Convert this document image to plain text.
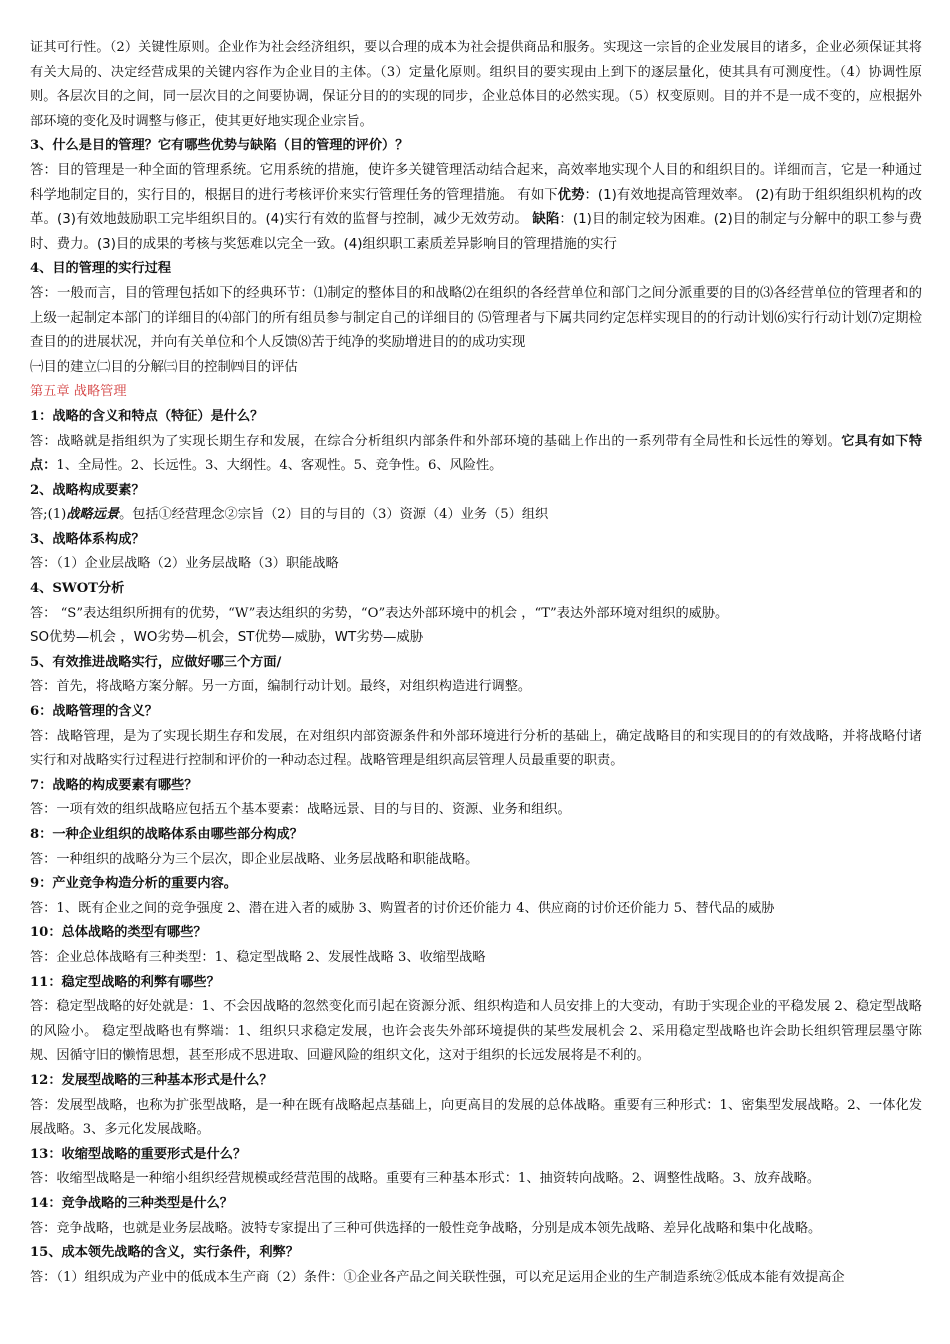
证其可行性。（2）关键性原则。企业作为社会经济组织，要以合理的成本为社会提供商品和服务。实现这一宗旨的企业发展目的诸多，企业必须保证其将有关大局的、决定经营成果的关键内容作为企业目的主体。（3）定量化原则。组织目的要实现由上到下的逐层量化，使其具有可测度性。（4）协调性原则。各层次目的之间，同一层次目的之间要协调，保证分目的的实现的同步，企业总体目的必然实现。（5）权变原则。目的并不是一成不变的，应根据外部环境的变化及时调整与修正，使其更好地实现企业宗旨。

3、什么是目的管理？它有哪些优势与缺陷（目的管理的评价）？

答：目的管理是一种全面的管理系统。它用系统的措施，使许多关键管理活动结合起来，高效率地实现个人目的和组织目的。详细而言，它是一种通过科学地制定目的，实行目的，根据目的进行考核评价来实行管理任务的管理措施。 有如下优势：(1)有效地提高管理效率。 (2)有助于组织组织机构的改革。(3)有效地鼓励职工完毕组织目的。(4)实行有效的监督与控制，减少无效劳动。 缺陷：(1)目的制定较为困难。(2)目的制定与分解中的职工参与费时、费力。(3)目的成果的考核与奖惩难以完全一致。(4)组织职工素质差异影响目的管理措施的实行

4、目的管理的实行过程

答：一般而言，目的管理包括如下的经典环节：⑴制定的整体目的和战略⑵在组织的各经营单位和部门之间分派重要的目的⑶各经营单位的管理者和的上级一起制定本部门的详细目的⑷部门的所有组员参与制定自己的详细目的 ⑸管理者与下属共同约定怎样实现目的的行动计划⑹实行行动计划⑺定期检查目的的进展状况，并向有关单位和个人反馈⑻苦于纯净的奖励增进目的的成功实现

㈠目的建立㈡目的分解㈢目的控制㈣目的评估

第五章 战略管理

1：战略的含义和特点（特征）是什么？

答：战略就是指组织为了实现长期生存和发展，在综合分析组织内部条件和外部环境的基础上作出的一系列带有全局性和长远性的筹划。它具有如下特点：1、全局性。2、长远性。3、大纲性。4、客观性。5、竞争性。6、风险性。

2、战略构成要素？

答;(1)战略远景。包括①经营理念②宗旨（2）目的与目的（3）资源（4）业务（5）组织

3、战略体系构成？

答：（1）企业层战略（2）业务层战略（3）职能战略

4、SWOT分析

答： “S”表达组织所拥有的优势，“W”表达组织的劣势，“O”表达外部环境中的机会 ，“T”表达外部环境对组织的威胁。

SO优势—机会 ，WO劣势—机会，ST优势—威胁，WT劣势—威胁

5、有效推进战略实行，应做好哪三个方面/

答：首先，将战略方案分解。另一方面，编制行动计划。最终，对组织构造进行调整。

6：战略管理的含义？

答：战略管理，是为了实现长期生存和发展，在对组织内部资源条件和外部环境进行分析的基础上，确定战略目的和实现目的的有效战略，并将战略付诸实行和对战略实行过程进行控制和评价的一种动态过程。战略管理是组织高层管理人员最重要的职责。

7：战略的构成要素有哪些？

答：一项有效的组织战略应包括五个基本要素：战略远景、目的与目的、资源、业务和组织。

8：一种企业组织的战略体系由哪些部分构成？

答：一种组织的战略分为三个层次，即企业层战略、业务层战略和职能战略。

9：产业竞争构造分析的重要内容。

答：1、既有企业之间的竞争强度 2、潜在进入者的威胁 3、购置者的讨价还价能力 4、供应商的讨价还价能力 5、替代品的威胁

10：总体战略的类型有哪些？

答：企业总体战略有三种类型：1、稳定型战略 2、发展性战略 3、收缩型战略

11：稳定型战略的利弊有哪些？

答：稳定型战略的好处就是：1、不会因战略的忽然变化而引起在资源分派、组织构造和人员安排上的大变动，有助于实现企业的平稳发展 2、稳定型战略的风险小。 稳定型战略也有弊端：1、组织只求稳定发展，也许会丧失外部环境提供的某些发展机会 2、采用稳定型战略也许会助长组织管理层墨守陈规、因循守旧的懒惰思想，甚至形成不思进取、回避风险的组织文化，这对于组织的长远发展将是不利的。

12：发展型战略的三种基本形式是什么？

答：发展型战略，也称为扩张型战略，是一种在既有战略起点基础上，向更高目的发展的总体战略。重要有三种形式：1、密集型发展战略。2、一体化发展战略。3、多元化发展战略。

13：收缩型战略的重要形式是什么？

答：收缩型战略是一种缩小组织经营规模或经营范围的战略。重要有三种基本形式：1、抽资转向战略。2、调整性战略。3、放弃战略。

14：竞争战略的三种类型是什么？

答：竞争战略，也就是业务层战略。波特专家提出了三种可供选择的一般性竞争战略，分别是成本领先战略、差异化战略和集中化战略。

15、成本领先战略的含义，实行条件，利弊？

答：（1）组织成为产业中的低成本生产商（2）条件：①企业各产品之间关联性强，可以充足运用企业的生产制造系统②低成本能有效提高企
